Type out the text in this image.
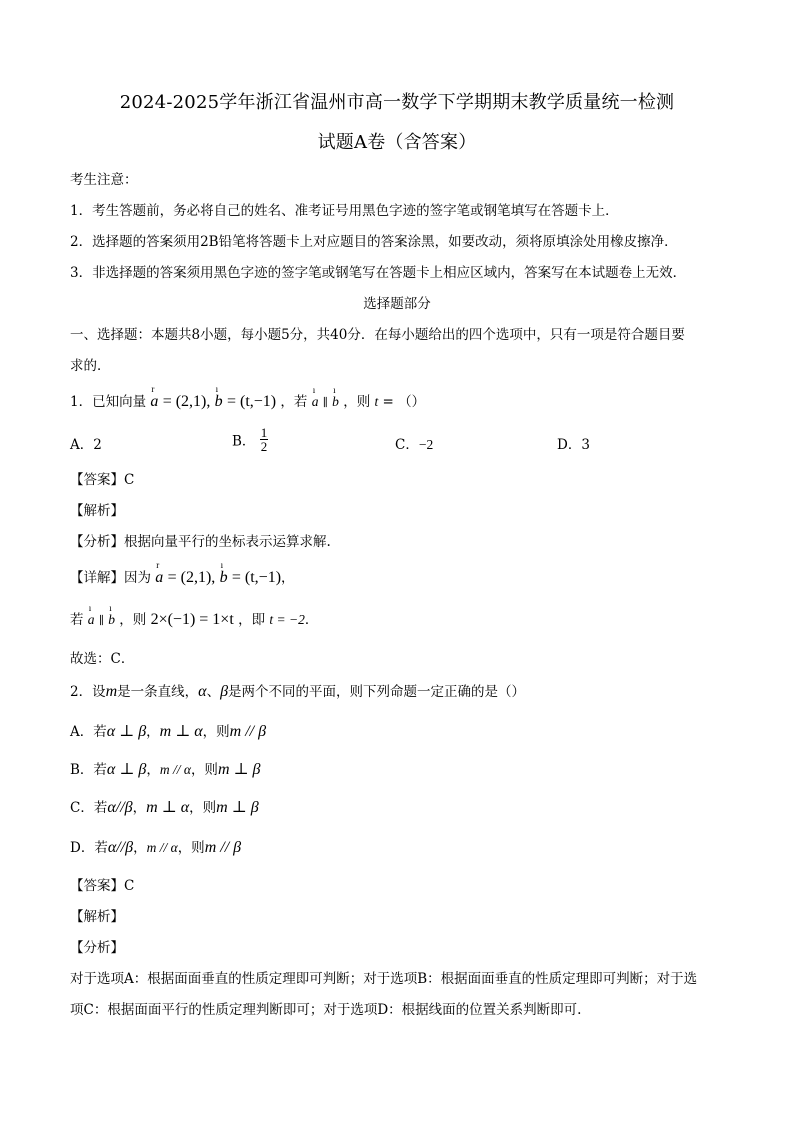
2024-2025学年浙江省温州市高一数学下学期期末教学质量统一检测
试题A卷（含答案）
考生注意：
1．考生答题前，务必将自己的姓名、准考证号用黑色字迹的签字笔或钢笔填写在答题卡上．
2．选择题的答案须用2B铅笔将答题卡上对应题目的答案涂黑，如要改动，须将原填涂处用橡皮擦净．
3．非选择题的答案须用黑色字迹的签字笔或钢笔写在答题卡上相应区域内，答案写在本试题卷上无效．
选择题部分
一、选择题：本题共8小题，每小题5分，共40分．在每小题给出的四个选项中，只有一项是符合题目要
求的．
1．已知向量
r
a = (2,1),
ı
b = (t,−1) ，若
ı
a ∥
ı
b ，则 t = （）
A．2	B． $\frac{1}{2}$	C．−2	D．3
【答案】C
【解析】
【分析】根据向量平行的坐标表示运算求解.
【详解】因为
r
a = (2,1),
ı
b = (t,−1)，
若
ı
a ∥
ı
b ，则 2×(−1) = 1×t ，即 t = −2．
故选：C．
2．设m是一条直线，α、β是两个不同的平面，则下列命题一定正确的是（）
A．若α ⊥ β，m ⊥ α，则m // β
B．若α ⊥ β，m // α，则m ⊥ β
C．若α//β，m ⊥ α，则m ⊥ β
D．若α//β，m // α，则m // β
【答案】C
【解析】
【分析】
对于选项A：根据面面垂直的性质定理即可判断；对于选项B：根据面面垂直的性质定理即可判断；对于选
项C：根据面面平行的性质定理判断即可；对于选项D：根据线面的位置关系判断即可.
